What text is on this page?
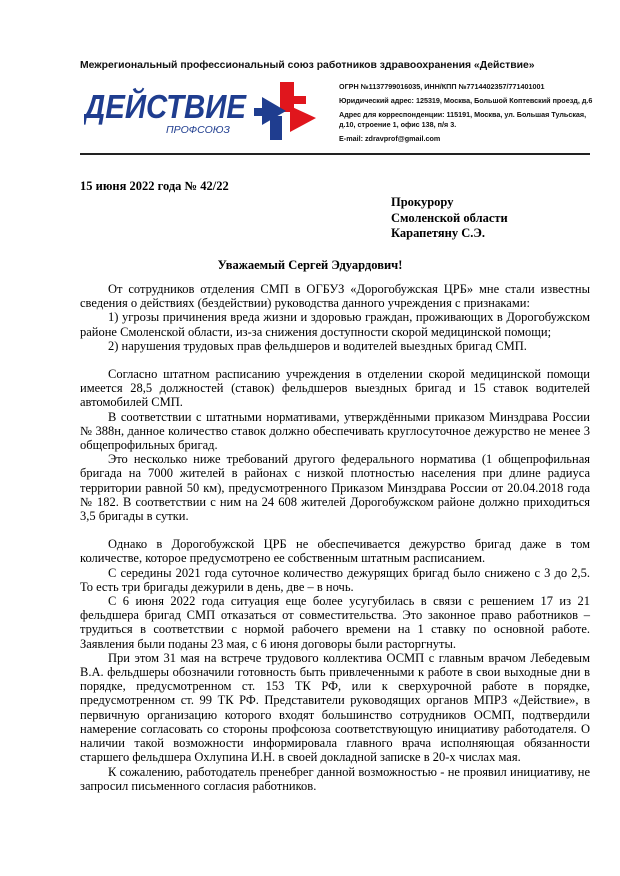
Межрегиональный профессиональный союз работников здравоохранения «Действие»
ДЕЙСТВИЕ
ПРОФСОЮЗ
ОГРН №1137799016035, ИНН/КПП №7714402357/771401001
Юридический адрес: 125319, Москва, Большой Коптевский проезд, д.6
Адрес для корреспонденции: 115191, Москва, ул. Большая Тульская, д.10, строение 1, офис 138, п/я 3.
E-mail: zdravprof@gmail.com
15 июня 2022 года № 42/22
Прокурору
Смоленской области
Карапетяну С.Э.
Уважаемый Сергей Эдуардович!

От сотрудников отделения СМП в ОГБУЗ «Дорогобужская ЦРБ» мне стали известны сведения о действиях (бездействии) руководства данного учреждения с признаками:

1) угрозы причинения вреда жизни и здоровью граждан, проживающих в Дорогобужском районе Смоленской области, из-за снижения доступности скорой медицинской помощи;

2) нарушения трудовых прав фельдшеров и водителей выездных бригад СМП.

Согласно штатном расписанию учреждения в отделении скорой медицинской помощи имеется 28,5 должностей (ставок) фельдшеров выездных бригад и 15 ставок водителей автомобилей СМП.

В соответствии с штатными нормативами, утверждёнными приказом Минздрава России № 388н, данное количество ставок должно обеспечивать круглосуточное дежурство не менее 3 общепрофильных бригад.

Это несколько ниже требований другого федерального норматива (1 общепрофильная бригада на 7000 жителей в районах с низкой плотностью населения при длине радиуса территории равной 50 км), предусмотренного Приказом Минздрава России от 20.04.2018 года № 182. В соответствии с ним на 24 608 жителей Дорогобужском районе должно приходиться 3,5 бригады в сутки.

Однако в Дорогобужской ЦРБ не обеспечивается дежурство бригад даже в том количестве, которое предусмотрено ее собственным штатным расписанием.

С середины 2021 года суточное количество дежурящих бригад было снижено с 3 до 2,5. То есть три бригады дежурили в день, две – в ночь.

С 6 июня 2022 года ситуация еще более усугубилась в связи с решением 17 из 21 фельдшера бригад СМП отказаться от совместительства. Это законное право работников – трудиться в соответствии с нормой рабочего времени на 1 ставку по основной работе. Заявления были поданы 23 мая, с 6 июня договоры были расторгнуты.

При этом 31 мая на встрече трудового коллектива ОСМП с главным врачом Лебедевым В.А. фельдшеры обозначили готовность быть привлеченными к работе в свои выходные дни в порядке, предусмотренном ст. 153 ТК РФ, или к сверхурочной работе в порядке, предусмотренном ст. 99 ТК РФ. Представители руководящих органов МПРЗ «Действие», в первичную организацию которого входят большинство сотрудников ОСМП, подтвердили намерение согласовать со стороны профсоюза соответствующую инициативу работодателя. О наличии такой возможности информировала главного врача исполняющая обязанности старшего фельдшера Охлупина И.Н. в своей докладной записке в 20-х числах мая.

К сожалению, работодатель пренебрег данной возможностью - не проявил инициативу, не запросил письменного согласия работников.
